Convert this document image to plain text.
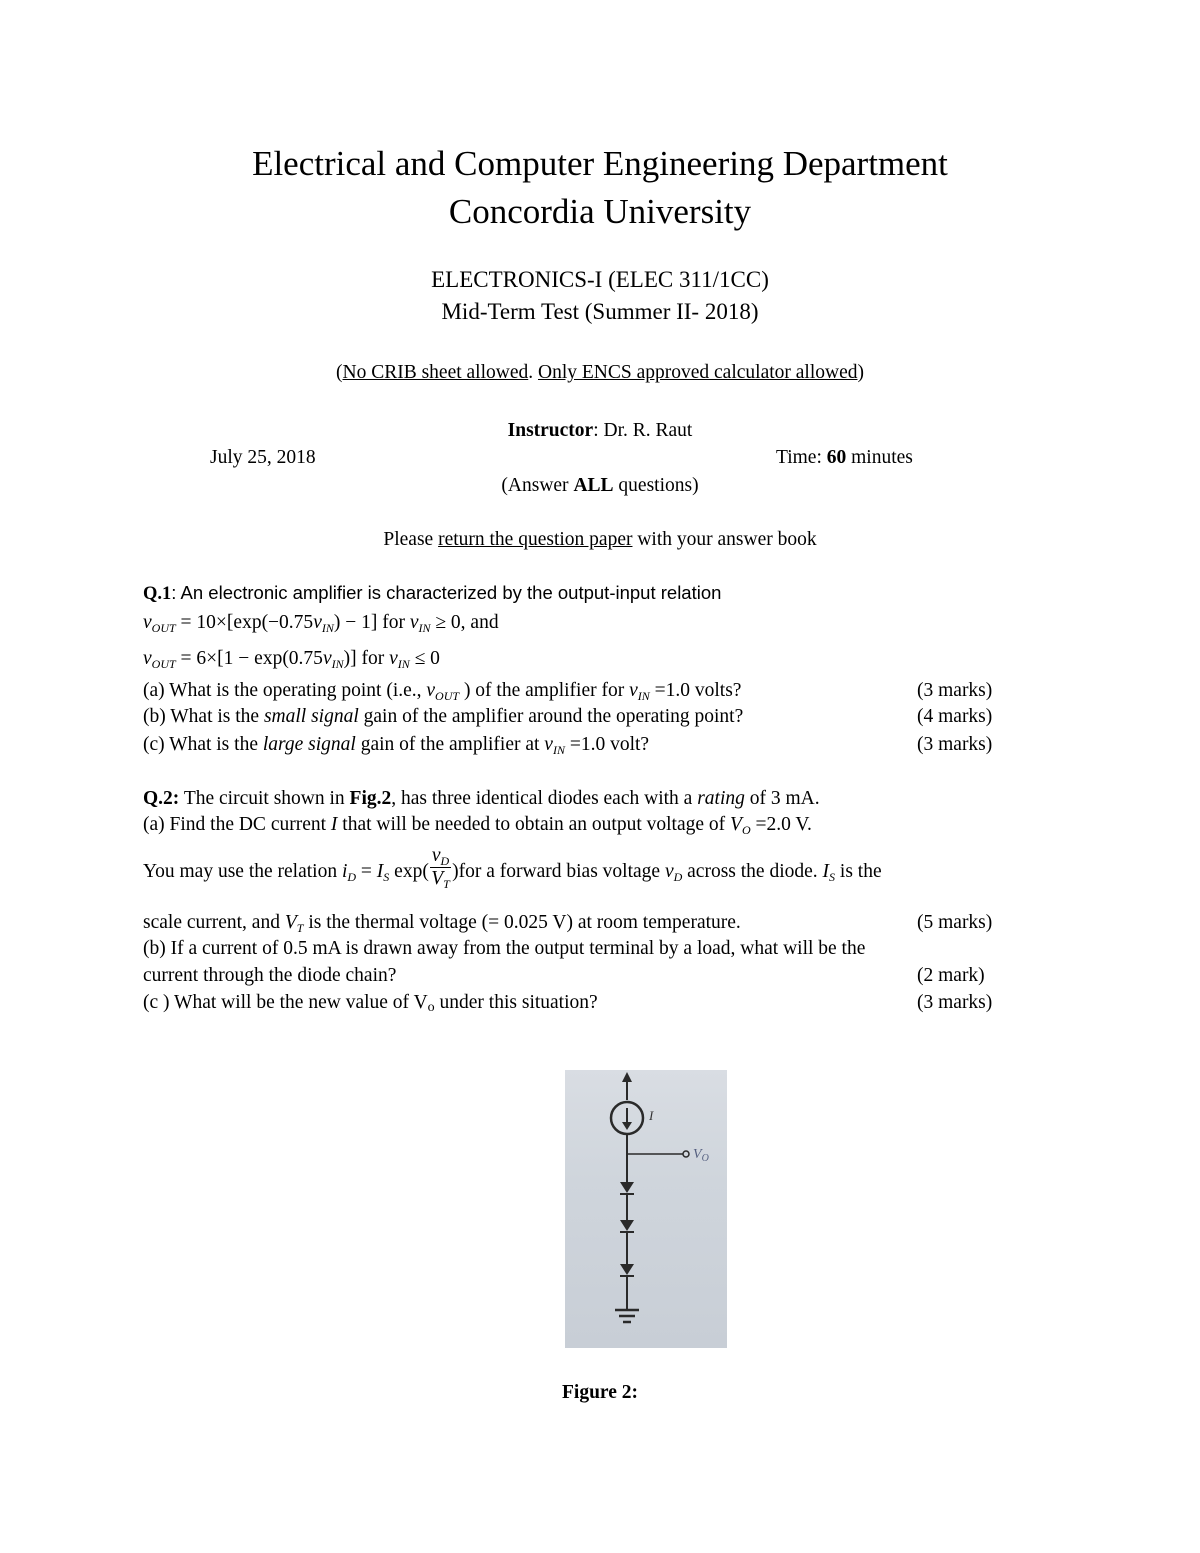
Electrical and Computer Engineering Department
Concordia University
ELECTRONICS-I (ELEC 311/1CC)
Mid-Term Test (Summer II- 2018)
(No CRIB sheet allowed. Only ENCS approved calculator allowed)
Instructor: Dr. R. Raut
July 25, 2018	Time: 60 minutes
(Answer ALL questions)
Please return the question paper with your answer book
Q.1: An electronic amplifier is characterized by the output-input relation
$v_{OUT} = 10\times[\exp(-0.75v_{IN}) - 1]$ for $v_{IN} \ge 0$, and
$v_{OUT} = 6\times[1 - \exp(0.75v_{IN})]$ for $v_{IN} \le 0$
(a) What is the operating point (i.e., $v_{OUT}$ ) of the amplifier for $v_{IN} =1.0$ volts?	(3 marks)
(b) What is the small signal gain of the amplifier around the operating point?	(4 marks)
(c) What is the large signal gain of the amplifier at $v_{IN} =1.0$ volt?	(3 marks)
Q.2: The circuit shown in Fig.2, has three identical diodes each with a rating of 3 mA.
(a) Find the DC current I that will be needed to obtain an output voltage of $V_O =2.0$ V.
You may use the relation $i_D = I_S$ $\exp( \frac{v_D}{V_T} )for$ a forward bias voltage $v_D$ across the diode. $I_S$ is the
scale current, and $V_T$ is the thermal voltage (= 0.025 V) at room temperature.	(5 marks)
(b) If a current of 0.5 mA is drawn away from the output terminal by a load, what will be the
current through the diode chain?	(2 mark)
(c ) What will be the new value of Vo under this situation?	(3 marks)
I
$V_O$
Figure 2:
